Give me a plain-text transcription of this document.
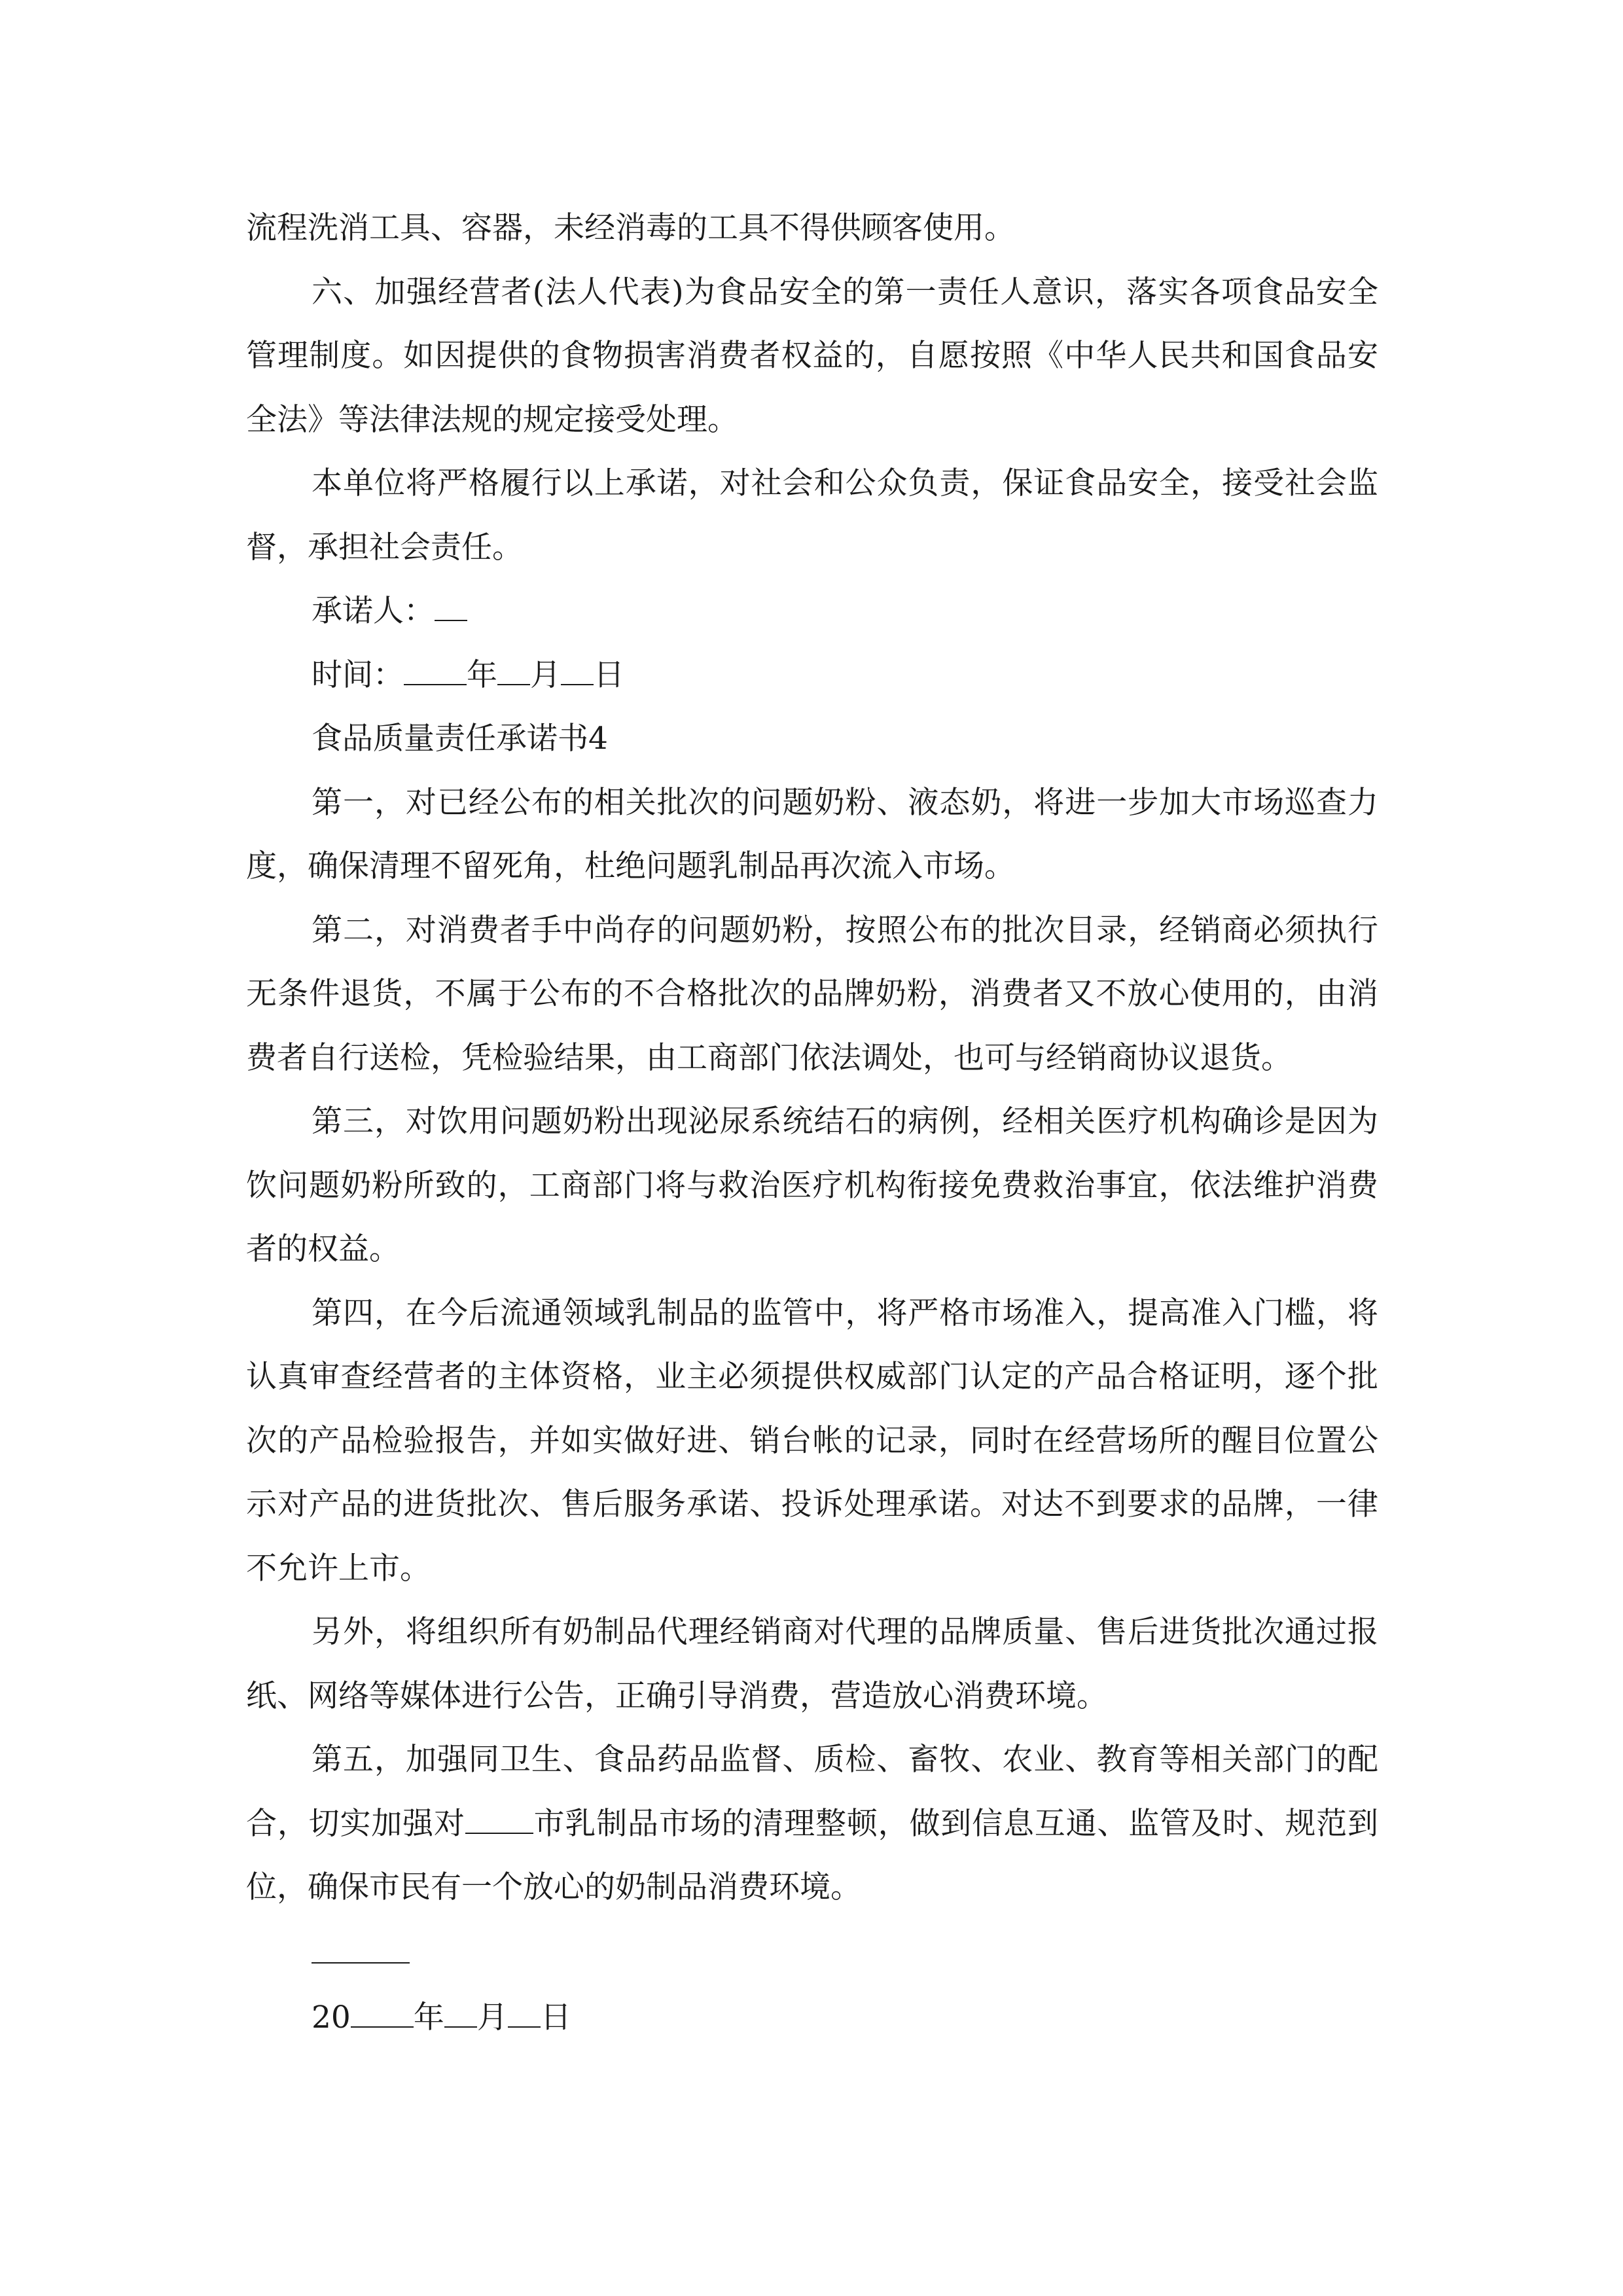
流程洗消工具、容器，未经消毒的工具不得供顾客使用。

六、加强经营者(法人代表)为食品安全的第一责任人意识，落实各项食品安全管理制度。如因提供的食物损害消费者权益的，自愿按照《中华人民共和国食品安全法》等法律法规的规定接受处理。

本单位将严格履行以上承诺，对社会和公众负责，保证食品安全，接受社会监督，承担社会责任。

承诺人：

时间： 年 月 日

食品质量责任承诺书4

第一，对已经公布的相关批次的问题奶粉、液态奶，将进一步加大市场巡查力度，确保清理不留死角，杜绝问题乳制品再次流入市场。

第二，对消费者手中尚存的问题奶粉，按照公布的批次目录，经销商必须执行无条件退货，不属于公布的不合格批次的品牌奶粉，消费者又不放心使用的，由消费者自行送检，凭检验结果，由工商部门依法调处，也可与经销商协议退货。

第三，对饮用问题奶粉出现泌尿系统结石的病例，经相关医疗机构确诊是因为饮问题奶粉所致的，工商部门将与救治医疗机构衔接免费救治事宜，依法维护消费者的权益。

第四，在今后流通领域乳制品的监管中，将严格市场准入，提高准入门槛，将认真审查经营者的主体资格，业主必须提供权威部门认定的产品合格证明，逐个批次的产品检验报告，并如实做好进、销台帐的记录，同时在经营场所的醒目位置公示对产品的进货批次、售后服务承诺、投诉处理承诺。对达不到要求的品牌，一律不允许上市。

另外，将组织所有奶制品代理经销商对代理的品牌质量、售后进货批次通过报纸、网络等媒体进行公告，正确引导消费，营造放心消费环境。

第五，加强同卫生、食品药品监督、质检、畜牧、农业、教育等相关部门的配合，切实加强对 市乳制品市场的清理整顿，做到信息互通、监管及时、规范到位，确保市民有一个放心的奶制品消费环境。

20 年 月 日
